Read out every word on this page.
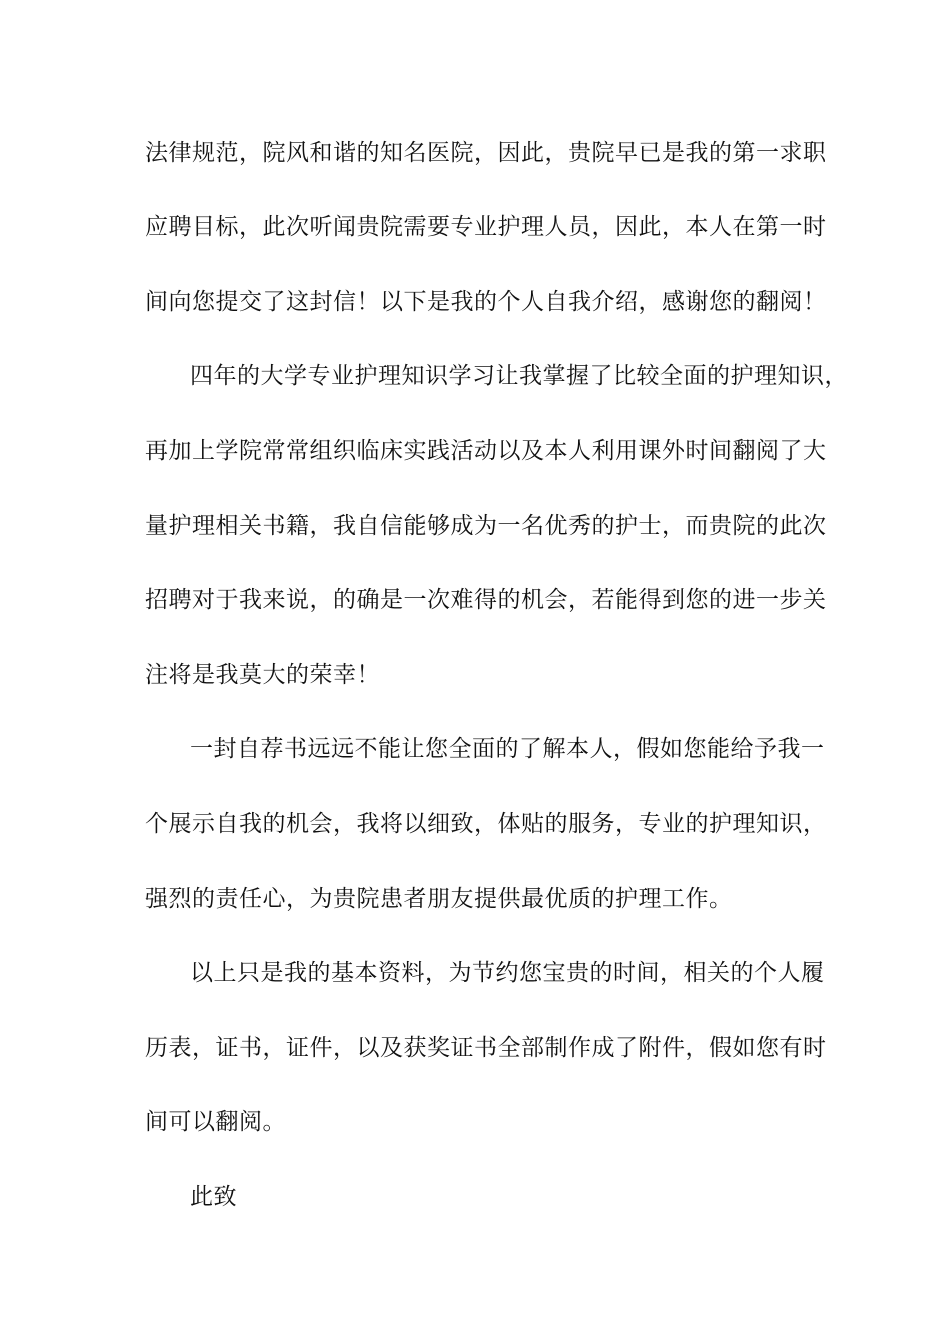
法律规范，院风和谐的知名医院，因此，贵院早已是我的第一求职
应聘目标，此次听闻贵院需要专业护理人员，因此，本人在第一时
间向您提交了这封信！以下是我的个人自我介绍，感谢您的翻阅！
四年的大学专业护理知识学习让我掌握了比较全面的护理知识，
再加上学院常常组织临床实践活动以及本人利用课外时间翻阅了大
量护理相关书籍，我自信能够成为一名优秀的护士，而贵院的此次
招聘对于我来说，的确是一次难得的机会，若能得到您的进一步关
注将是我莫大的荣幸！
一封自荐书远远不能让您全面的了解本人，假如您能给予我一
个展示自我的机会，我将以细致，体贴的服务，专业的护理知识，
强烈的责任心，为贵院患者朋友提供最优质的护理工作。
以上只是我的基本资料，为节约您宝贵的时间，相关的个人履
历表，证书，证件，以及获奖证书全部制作成了附件，假如您有时
间可以翻阅。
此致
